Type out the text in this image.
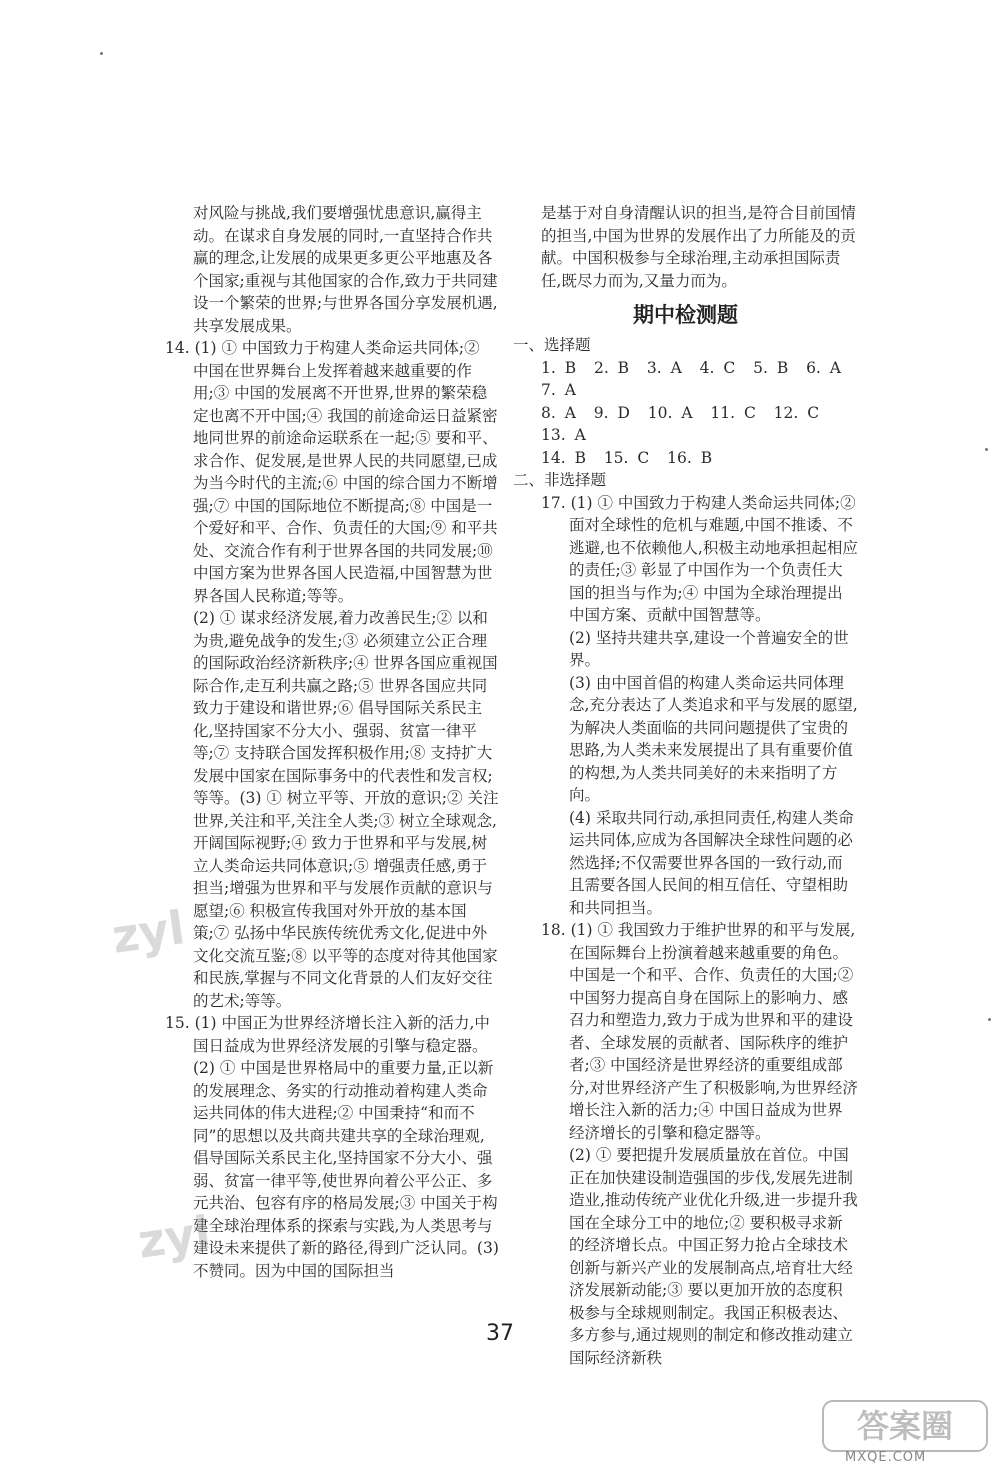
对风险与挑战,我们要增强忧患意识,赢得主动。在谋求自身发展的同时,一直坚持合作共赢的理念,让发展的成果更多更公平地惠及各个国家;重视与其他国家的合作,致力于共同建设一个繁荣的世界;与世界各国分享发展机遇,共享发展成果。

14. (1) ① 中国致力于构建人类命运共同体;② 中国在世界舞台上发挥着越来越重要的作用;③ 中国的发展离不开世界,世界的繁荣稳定也离不开中国;④ 我国的前途命运日益紧密地同世界的前途命运联系在一起;⑤ 要和平、求合作、促发展,是世界人民的共同愿望,已成为当今时代的主流;⑥ 中国的综合国力不断增强;⑦ 中国的国际地位不断提高;⑧ 中国是一个爱好和平、合作、负责任的大国;⑨ 和平共处、交流合作有利于世界各国的共同发展;⑩ 中国方案为世界各国人民造福,中国智慧为世界各国人民称道;等等。

(2) ① 谋求经济发展,着力改善民生;② 以和为贵,避免战争的发生;③ 必须建立公正合理的国际政治经济新秩序;④ 世界各国应重视国际合作,走互利共赢之路;⑤ 世界各国应共同致力于建设和谐世界;⑥ 倡导国际关系民主化,坚持国家不分大小、强弱、贫富一律平等;⑦ 支持联合国发挥积极作用;⑧ 支持扩大发展中国家在国际事务中的代表性和发言权;等等。(3) ① 树立平等、开放的意识;② 关注世界,关注和平,关注全人类;③ 树立全球观念,开阔国际视野;④ 致力于世界和平与发展,树立人类命运共同体意识;⑤ 增强责任感,勇于担当;增强为世界和平与发展作贡献的意识与愿望;⑥ 积极宣传我国对外开放的基本国策;⑦ 弘扬中华民族传统优秀文化,促进中外文化交流互鉴;⑧ 以平等的态度对待其他国家和民族,掌握与不同文化背景的人们友好交往的艺术;等等。

15. (1) 中国正为世界经济增长注入新的活力,中国日益成为世界经济发展的引擎与稳定器。(2) ① 中国是世界格局中的重要力量,正以新的发展理念、务实的行动推动着构建人类命运共同体的伟大进程;② 中国秉持“和而不同”的思想以及共商共建共享的全球治理观,倡导国际关系民主化,坚持国家不分大小、强弱、贫富一律平等,使世界向着公平公正、多元共治、包容有序的格局发展;③ 中国关于构建全球治理体系的探索与实践,为人类思考与建设未来提供了新的路径,得到广泛认同。(3) 不赞同。因为中国的国际担当

是基于对自身清醒认识的担当,是符合目前国情的担当,中国为世界的发展作出了力所能及的贡献。中国积极参与全球治理,主动承担国际责任,既尽力而为,又量力而为。

期中检测题

一、选择题

1. B  2. B  3. A  4. C  5. B  6. A  7. A

8. A  9. D  10. A  11. C  12. C  13. A

14. B  15. C  16. B

二、非选择题

17. (1) ① 中国致力于构建人类命运共同体;② 面对全球性的危机与难题,中国不推诿、不逃避,也不依赖他人,积极主动地承担起相应的责任;③ 彰显了中国作为一个负责任大国的担当与作为;④ 中国为全球治理提出中国方案、贡献中国智慧等。

(2) 坚持共建共享,建设一个普遍安全的世界。

(3) 由中国首倡的构建人类命运共同体理念,充分表达了人类追求和平与发展的愿望,为解决人类面临的共同问题提供了宝贵的思路,为人类未来发展提出了具有重要价值的构想,为人类共同美好的未来指明了方向。

(4) 采取共同行动,承担同责任,构建人类命运共同体,应成为各国解决全球性问题的必然选择;不仅需要世界各国的一致行动,而且需要各国人民间的相互信任、守望相助和共同担当。

18. (1) ① 我国致力于维护世界的和平与发展,在国际舞台上扮演着越来越重要的角色。中国是一个和平、合作、负责任的大国;② 中国努力提高自身在国际上的影响力、感召力和塑造力,致力于成为世界和平的建设者、全球发展的贡献者、国际秩序的维护者;③ 中国经济是世界经济的重要组成部分,对世界经济产生了积极影响,为世界经济增长注入新的活力;④ 中国日益成为世界经济增长的引擎和稳定器等。

(2) ① 要把提升发展质量放在首位。中国正在加快建设制造强国的步伐,发展先进制造业,推动传统产业优化升级,进一步提升我国在全球分工中的地位;② 要积极寻求新的经济增长点。中国正努力抢占全球技术创新与新兴产业的发展制高点,培育壮大经济发展新动能;③ 要以更加开放的态度积极参与全球规则制定。我国正积极表达、多方参与,通过规则的制定和修改推动建立国际经济新秩

37
zyl
zyl
答案圈
MXQE.COM
